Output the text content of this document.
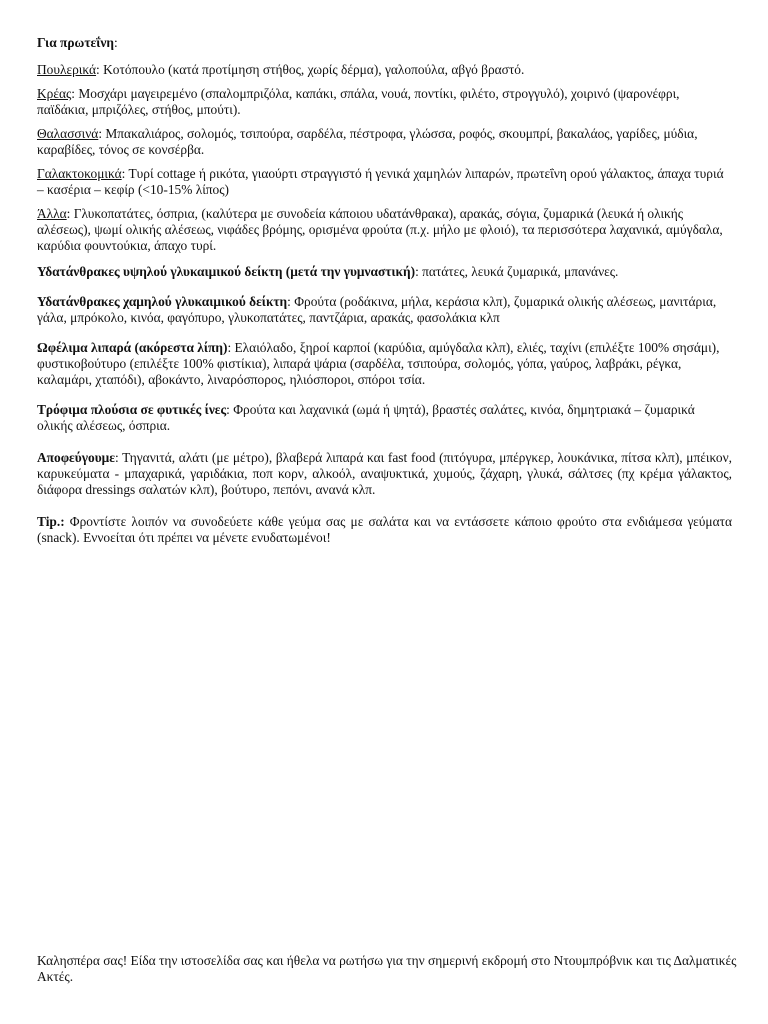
Για πρωτεΐνη:

Πουλερικά: Κοτόπουλο (κατά προτίμηση στήθος, χωρίς δέρμα), γαλοπούλα, αβγό βραστό.

Κρέας: Μοσχάρι μαγειρεμένο (σπαλομπριζόλα, καπάκι, σπάλα, νουά, ποντίκι, φιλέτο, στρογγυλό), χοιρινό (ψαρονέφρι, παϊδάκια, μπριζόλες, στήθος, μπούτι).

Θαλασσινά: Μπακαλιάρος, σολομός, τσιπούρα, σαρδέλα, πέστροφα, γλώσσα, ροφός, σκουμπρί, βακαλάος, γαρίδες, μύδια, καραβίδες, τόνος σε κονσέρβα.

Γαλακτοκομικά: Τυρί cottage ή ρικότα, γιαούρτι στραγγιστό ή γενικά χαμηλών λιπαρών, πρωτεΐνη ορού γάλακτος, άπαχα τυριά – κασέρια – κεφίρ (<10-15% λίπος)

Άλλα: Γλυκοπατάτες, όσπρια, (καλύτερα με συνοδεία κάποιου υδατάνθρακα), αρακάς, σόγια, ζυμαρικά (λευκά ή ολικής αλέσεως), ψωμί ολικής αλέσεως, νιφάδες βρόμης, ορισμένα φρούτα (π.χ. μήλο με φλοιό), τα περισσότερα λαχανικά, αμύγδαλα, καρύδια φουντούκια, άπαχο τυρί.

Υδατάνθρακες υψηλού γλυκαιμικού δείκτη (μετά την γυμναστική): πατάτες, λευκά ζυμαρικά, μπανάνες.

Υδατάνθρακες χαμηλού γλυκαιμικού δείκτη: Φρούτα (ροδάκινα, μήλα, κεράσια κλπ), ζυμαρικά ολικής αλέσεως, μανιτάρια, γάλα, μπρόκολο, κινόα, φαγόπυρο, γλυκοπατάτες, παντζάρια, αρακάς, φασολάκια κλπ

Ωφέλιμα λιπαρά (ακόρεστα λίπη): Ελαιόλαδο, ξηροί καρποί (καρύδια, αμύγδαλα κλπ), ελιές, ταχίνι (επιλέξτε 100% σησάμι), φυστικοβούτυρο (επιλέξτε 100% φιστίκια), λιπαρά ψάρια (σαρδέλα, τσιπούρα, σολομός, γόπα, γαύρος, λαβράκι, ρέγκα, καλαμάρι, χταπόδι), αβοκάντο, λιναρόσπορος, ηλιόσποροι, σπόροι τσία.

Τρόφιμα πλούσια σε φυτικές ίνες: Φρούτα και λαχανικά (ωμά ή ψητά), βραστές σαλάτες, κινόα, δημητριακά – ζυμαρικά ολικής αλέσεως, όσπρια.

Αποφεύγουμε: Τηγανιτά, αλάτι (με μέτρο), βλαβερά λιπαρά και fast food (πιτόγυρα, μπέργκερ, λουκάνικα, πίτσα κλπ), μπέικον, καρυκεύματα - μπαχαρικά, γαριδάκια, ποπ κορν, αλκοόλ, αναψυκτικά, χυμούς, ζάχαρη, γλυκά, σάλτσες (πχ κρέμα γάλακτος, διάφορα dressings σαλατών κλπ), βούτυρο, πεπόνι, ανανά κλπ.

Tip.: Φροντίστε λοιπόν να συνοδεύετε κάθε γεύμα σας με σαλάτα και να εντάσσετε κάποιο φρούτο στα ενδιάμεσα γεύματα (snack). Εννοείται ότι πρέπει να μένετε ενυδατωμένοι!

Καλησπέρα σας! Είδα την ιστοσελίδα σας και ήθελα να ρωτήσω για την σημερινή εκδρομή στο Ντουμπρόβνικ και τις Δαλματικές Ακτές.
